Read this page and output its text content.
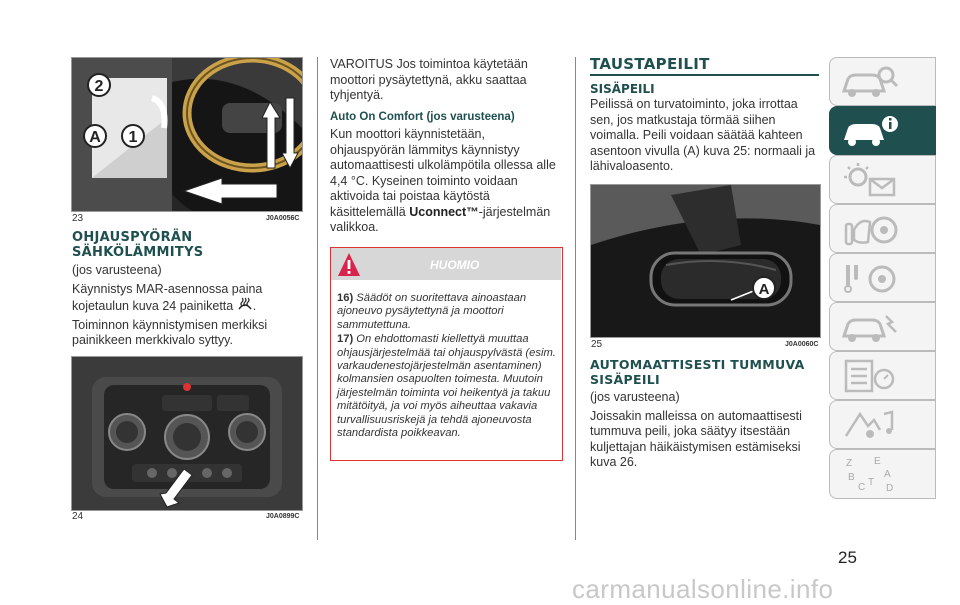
2
A 1
23	J0A0056C
OHJAUSPYÖRÄN
SÄHKÖLÄMMITYS

(jos varusteena)

Käynnistys MAR-asennossa paina kojetaulun kuva 24 painiketta .

Toiminnon käynnistymisen merkiksi painikkeen merkkivalo syttyy.

24	J0A0899C

VAROITUS Jos toimintoa käytetään moottori pysäytettynä, akku saattaa tyhjentyä.

Auto On Comfort (jos varusteena)

Kun moottori käynnistetään, ohjauspyörän lämmitys käynnistyy automaattisesti ulkolämpötila ollessa alle 4,4 °C. Kyseinen toiminto voidaan aktivoida tai poistaa käytöstä käsittelemällä Uconnect™-järjestelmän valikkoa.

HUOMIO
16) Säädöt on suoritettava ainoastaan ajoneuvo pysäytettynä ja moottori sammutettuna.
17) On ehdottomasti kiellettyä muuttaa ohjausjärjestelmää tai ohjauspylvästä (esim. varkaudenestojärjestelmän asentaminen) kolmansien osapuolten toimesta. Muutoin järjestelmän toiminta voi heikentyä ja takuu mitätöityä, ja voi myös aiheuttaa vakavia turvallisuusriskejä ja tehdä ajoneuvosta standardista poikkeavan.
TAUSTAPEILIT
SISÄPEILI

Peilissä on turvatoiminto, joka irrottaa sen, jos matkustaja törmää siihen voimalla. Peili voidaan säätää kahteen asentoon vivulla (A) kuva 25: normaali ja lähivaloasento.

A
25	J0A0060C
AUTOMAATTISESTI TUMMUVA
SISÄPEILI

(jos varusteena)

Joissakin malleissa on automaattisesti tummuva peili, joka säätyy itsestään kuljettajan häikäistymisen estämiseksi kuva 26.	Z E
B	A
C T
D
25
carmanualsonline.info
